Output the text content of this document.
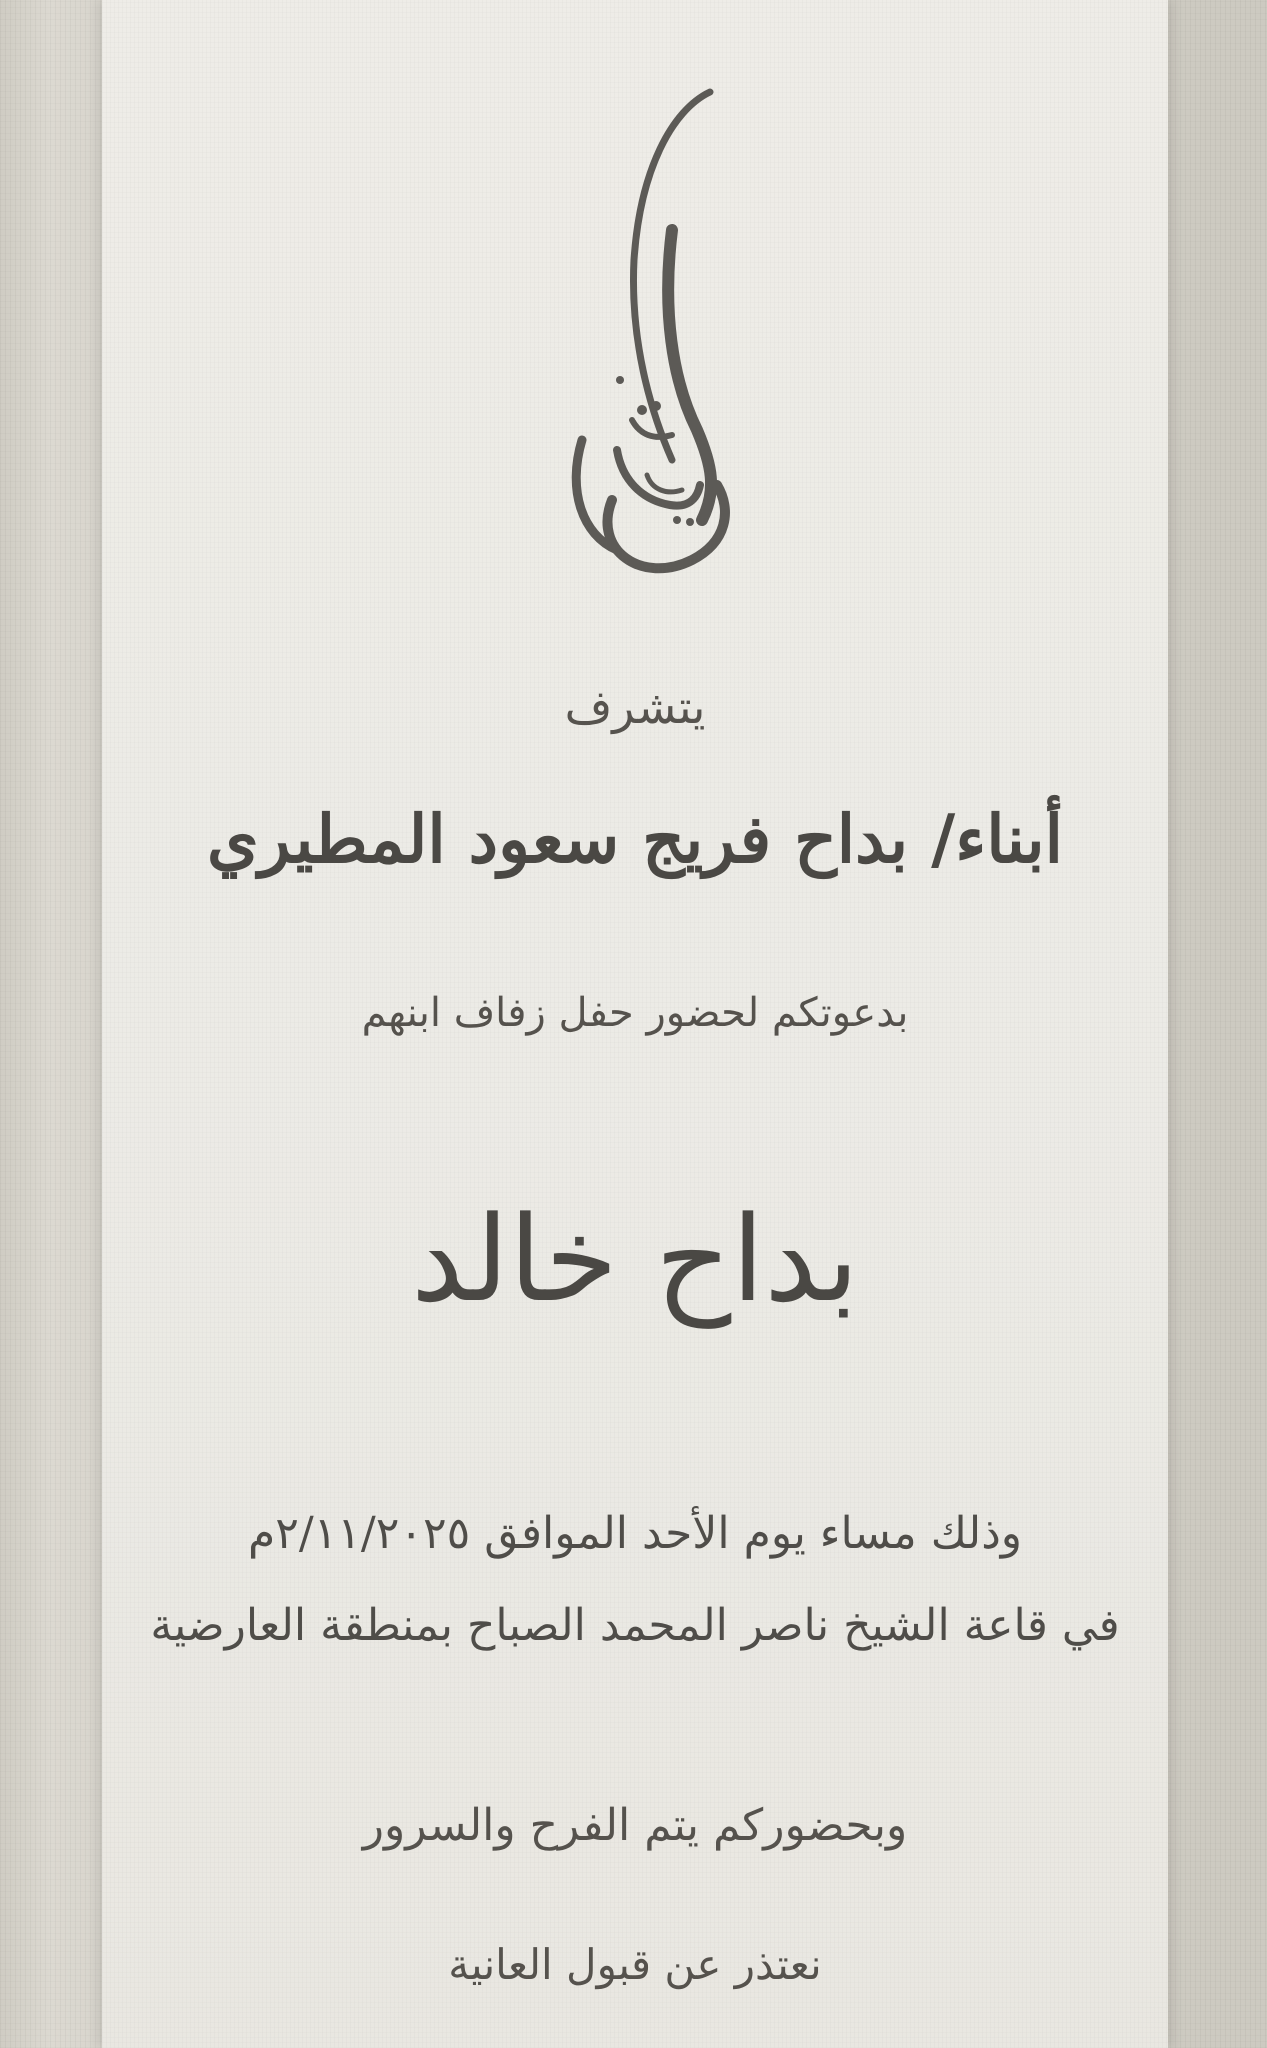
يتشرف
أبناء/ بداح فريج سعود المطيري
بدعوتكم لحضور حفل زفاف ابنهم
بداح خالد
وذلك مساء يوم الأحد الموافق ٢/١١/٢٠٢٥م
في قاعة الشيخ ناصر المحمد الصباح بمنطقة العارضية
وبحضوركم يتم الفرح والسرور
نعتذر عن قبول العانية
